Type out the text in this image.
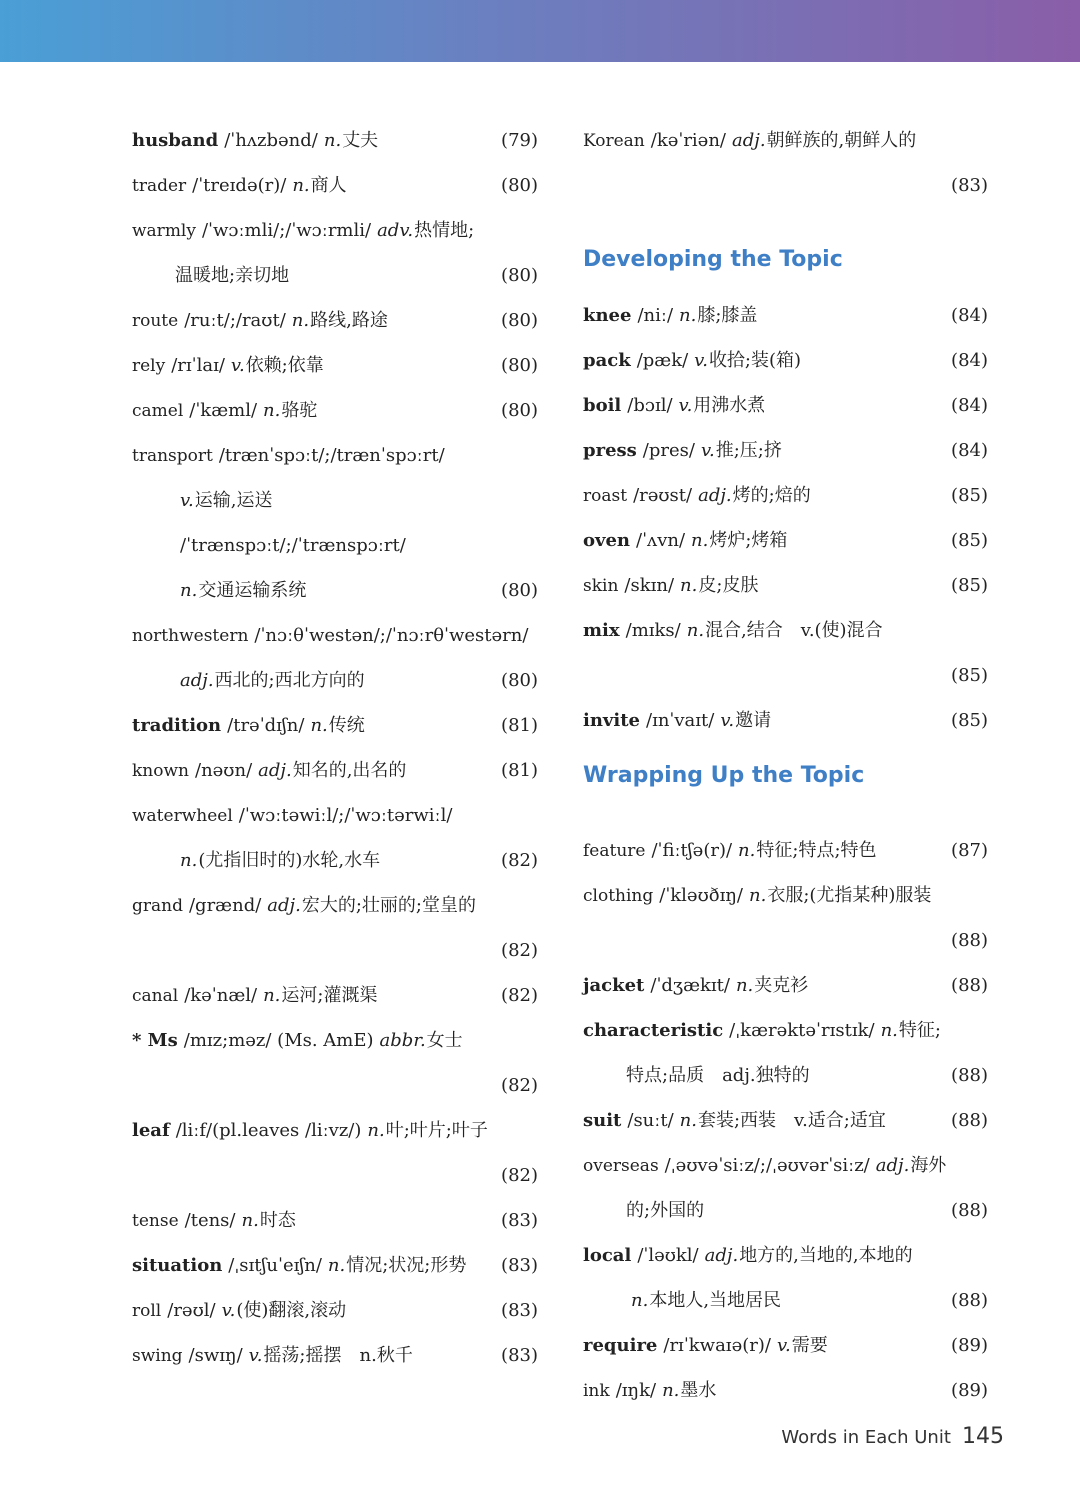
husband /ˈhʌzbənd/ n.丈夫	(79)
trader /ˈtreɪdə(r)/ n.商人	(80)
warmly /ˈwɔːmli/;/ˈwɔːrmli/ adv.热情地;
温暖地;亲切地	(80)
route /ruːt/;/raʊt/ n.路线,路途	(80)
rely /rɪˈlaɪ/ v.依赖;依靠	(80)
camel /ˈkæml/ n.骆驼	(80)
transport /trænˈspɔːt/;/trænˈspɔːrt/
v.运输,运送
/ˈtrænspɔːt/;/ˈtrænspɔːrt/
n.交通运输系统	(80)
northwestern /ˈnɔːθˈwestən/;/ˈnɔːrθˈwestərn/
adj.西北的;西北方向的	(80)
tradition /trəˈdɪʃn/ n.传统	(81)
known /nəʊn/ adj.知名的,出名的	(81)
waterwheel /ˈwɔːtəwiːl/;/ˈwɔːtərwiːl/
n.(尤指旧时的)水轮,水车	(82)
grand /grænd/ adj.宏大的;壮丽的;堂皇的
(82)
canal /kəˈnæl/ n.运河;灌溉渠	(82)
* Ms /mɪz;məz/ (Ms. AmE) abbr.女士
(82)
leaf /liːf/(pl.leaves /liːvz/) n.叶;叶片;叶子
(82)
tense /tens/ n.时态	(83)
situation /ˌsɪtʃuˈeɪʃn/ n.情况;状况;形势 (83)
roll /rəʊl/ v.(使)翻滚,滚动	(83)
swing /swɪŋ/ v.摇荡;摇摆　n.秋千	(83)
Korean /kəˈriən/ adj.朝鲜族的,朝鲜人的
(83)
Developing the Topic
knee /niː/ n.膝;膝盖	(84)
pack /pæk/ v.收拾;装(箱)	(84)
boil /bɔɪl/ v.用沸水煮	(84)
press /pres/ v.推;压;挤	(84)
roast /rəʊst/ adj.烤的;焙的	(85)
oven /ˈʌvn/ n.烤炉;烤箱	(85)
skin /skɪn/ n.皮;皮肤	(85)
mix /mɪks/ n.混合,结合　v.(使)混合
(85)
invite /ɪnˈvaɪt/ v.邀请	(85)
Wrapping Up the Topic
feature /ˈfiːtʃə(r)/ n.特征;特点;特色	(87)
clothing /ˈkləʊðɪŋ/ n.衣服;(尤指某种)服装
(88)
jacket /ˈdʒækɪt/ n.夹克衫	(88)
characteristic /ˌkærəktəˈrɪstɪk/ n.特征;
特点;品质　adj.独特的	(88)
suit /suːt/ n.套装;西装　v.适合;适宜	(88)
overseas /ˌəʊvəˈsiːz/;/ˌəʊvərˈsiːz/ adj.海外
的;外国的	(88)
local /ˈləʊkl/ adj.地方的,当地的,本地的
n.本地人,当地居民	(88)
require /rɪˈkwaɪə(r)/ v.需要	(89)
ink /ɪŋk/ n.墨水	(89)
Words in Each Unit 145
